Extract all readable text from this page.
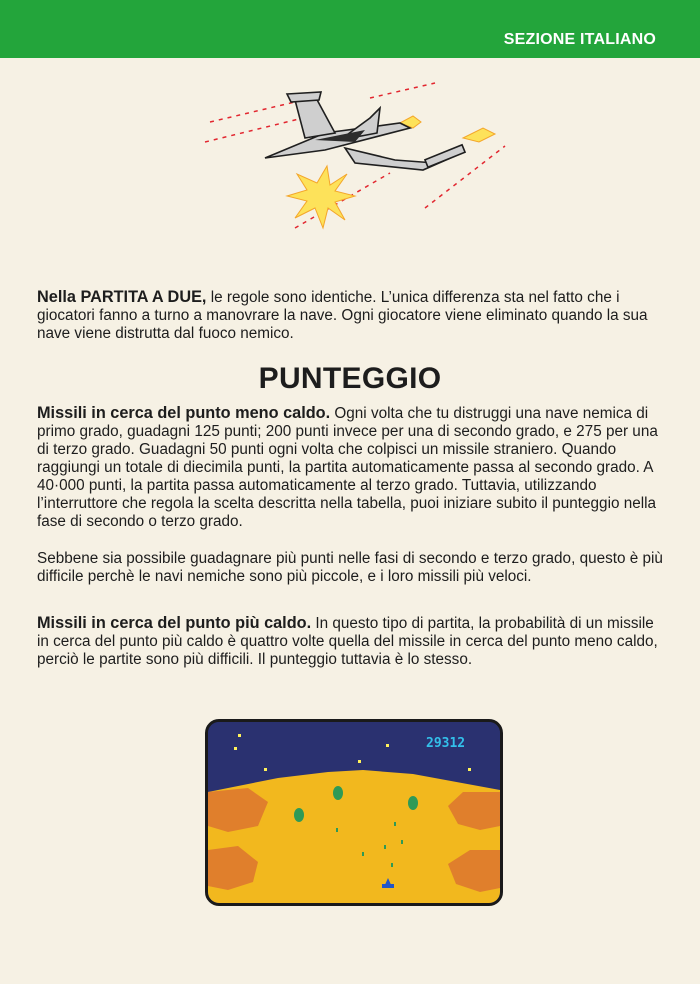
SEZIONE ITALIANO

Nella PARTITA A DUE, le regole sono identiche. L’unica differenza sta nel fatto che i giocatori fanno a turno a manovrare la nave. Ogni giocatore viene eliminato quando la sua nave viene distrutta dal fuoco nemico.

PUNTEGGIO

Missili in cerca del punto meno caldo. Ogni volta che tu distruggi una nave nemica di primo grado, guadagni 125 punti; 200 punti invece per una di secondo grado, e 275 per una di terzo grado. Guadagni 50 punti ogni volta che colpisci un missile straniero. Quando raggiungi un totale di diecimila punti, la partita automaticamente passa al secondo grado. A 40·000 punti, la partita passa automaticamente al terzo grado. Tuttavia, utilizzando l’interruttore che regola la scelta descritta nella tabella, puoi iniziare subito il punteggio nella fase di secondo o terzo grado.

Sebbene sia possibile guadagnare più punti nelle fasi di secondo e terzo grado, questo è più difficile perchè le navi nemiche sono più piccole, e i loro missili più veloci.

Missili in cerca del punto più caldo. In questo tipo di partita, la probabilità di un missile in cerca del punto più caldo è quattro volte quella del missile in cerca del punto meno caldo, perciò le partite sono più difficili. Il punteggio tuttavia è lo stesso.

29312
